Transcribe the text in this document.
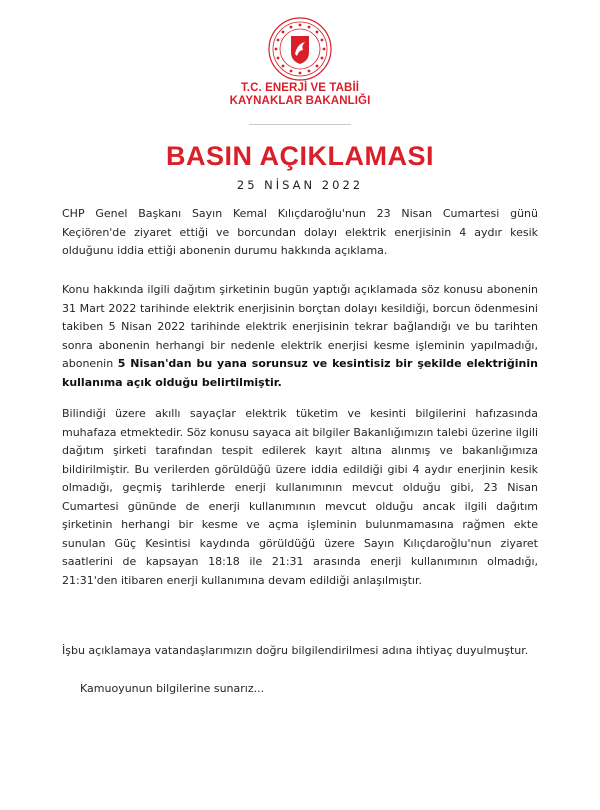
T.C. ENERJİ VE TABİİ
KAYNAKLAR BAKANLIĞI
BASIN AÇIKLAMASI
25 NİSAN 2022

CHP Genel Başkanı Sayın Kemal Kılıçdaroğlu'nun 23 Nisan Cumartesi günü Keçiören'de ziyaret ettiği ve borcundan dolayı elektrik enerjisinin 4 aydır kesik olduğunu iddia ettiği abonenin durumu hakkında açıklama.

Konu hakkında ilgili dağıtım şirketinin bugün yaptığı açıklamada söz konusu abonenin 31 Mart 2022 tarihinde elektrik enerjisinin borçtan dolayı kesildiği, borcun ödenmesini takiben 5 Nisan 2022 tarihinde elektrik enerjisinin tekrar bağlandığı ve bu tarihten sonra abonenin herhangi bir nedenle elektrik enerjisi kesme işleminin yapılmadığı, abonenin 5 Nisan'dan bu yana sorunsuz ve kesintisiz bir şekilde elektriğinin kullanıma açık olduğu belirtilmiştir.

Bilindiği üzere akıllı sayaçlar elektrik tüketim ve kesinti bilgilerini hafızasında muhafaza etmektedir. Söz konusu sayaca ait bilgiler Bakanlığımızın talebi üzerine ilgili dağıtım şirketi tarafından tespit edilerek kayıt altına alınmış ve bakanlığımıza bildirilmiştir. Bu verilerden görüldüğü üzere iddia edildiği gibi 4 aydır enerjinin kesik olmadığı, geçmiş tarihlerde enerji kullanımının mevcut olduğu gibi, 23 Nisan Cumartesi gününde de enerji kullanımının mevcut olduğu ancak ilgili dağıtım şirketinin herhangi bir kesme ve açma işleminin bulunmamasına rağmen ekte sunulan Güç Kesintisi kaydında görüldüğü üzere Sayın Kılıçdaroğlu'nun ziyaret saatlerini de kapsayan 18:18 ile 21:31 arasında enerji kullanımının olmadığı, 21:31'den itibaren enerji kullanımına devam edildiği anlaşılmıştır.

İşbu açıklamaya vatandaşlarımızın doğru bilgilendirilmesi adına ihtiyaç duyulmuştur.

Kamuoyunun bilgilerine sunarız...
